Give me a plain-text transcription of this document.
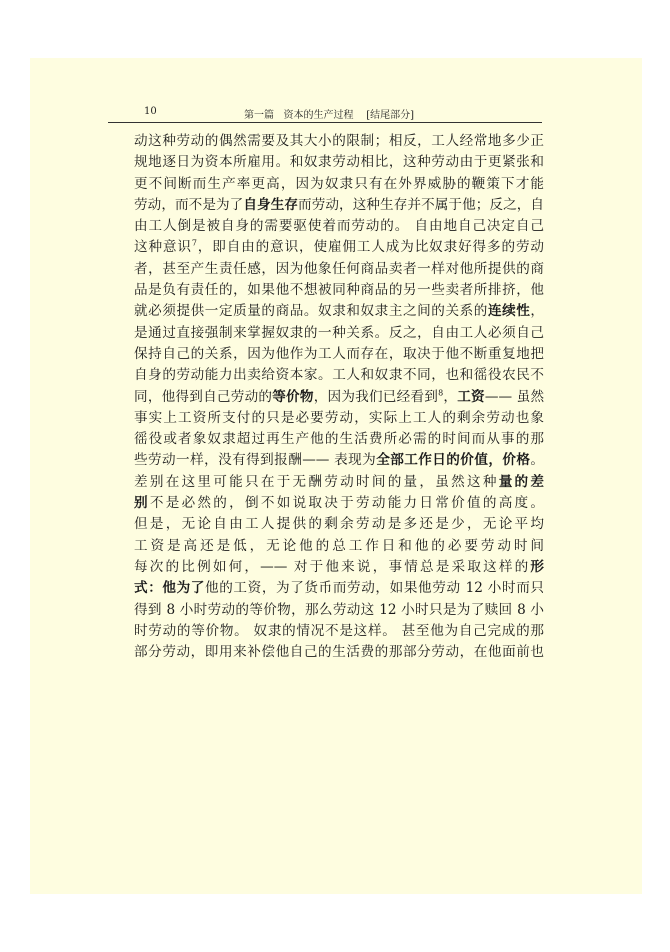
10	第一篇   资本的生产过程    [结尾部分]
动这种劳动的偶然需要及其大小的限制；相反，工人经常地多少正
规地逐日为资本所雇用。和奴隶劳动相比，这种劳动由于更紧张和
更不间断而生产率更高，因为奴隶只有在外界威胁的鞭策下才能
劳动，而不是为了自身生存而劳动，这种生存并不属于他；反之，自
由工人倒是被自身的需要驱使着而劳动的。 自由地自己决定自己
这种意识$^7$，即自由的意识，使雇佣工人成为比奴隶好得多的劳动
者，甚至产生责任感，因为他象任何商品卖者一样对他所提供的商
品是负有责任的，如果他不想被同种商品的另一些卖者所排挤，他
就必须提供一定质量的商品。奴隶和奴隶主之间的关系的连续性，
是通过直接强制来掌握奴隶的一种关系。反之，自由工人必须自己
保持自己的关系，因为他作为工人而存在，取决于他不断重复地把
自身的劳动能力出卖给资本家。工人和奴隶不同，也和徭役农民不
同，他得到自己劳动的等价物，因为我们已经看到$^8$，工资—— 虽然
事实上工资所支付的只是必要劳动，实际上工人的剩余劳动也象
徭役或者象奴隶超过再生产他的生活费所必需的时间而从事的那
些劳动一样，没有得到报酬—— 表现为全部工作日的价值，价格。
差别在这里可能只在于无酬劳动时间的量，虽然这种量的差
别不是必然的，倒不如说取决于劳动能力日常价值的高度。
但是，无论自由工人提供的剩余劳动是多还是少，无论平均
工资是高还是低，无论他的总工作日和他的必要劳动时间
每次的比例如何，—— 对于他来说，事情总是采取这样的形
式：他为了他的工资，为了货币而劳动，如果他劳动 12 小时而只
得到 8 小时劳动的等价物，那么劳动这 12 小时只是为了赎回 8 小
时劳动的等价物。 奴隶的情况不是这样。 甚至他为自己完成的那
部分劳动，即用来补偿他自己的生活费的那部分劳动，在他面前也
